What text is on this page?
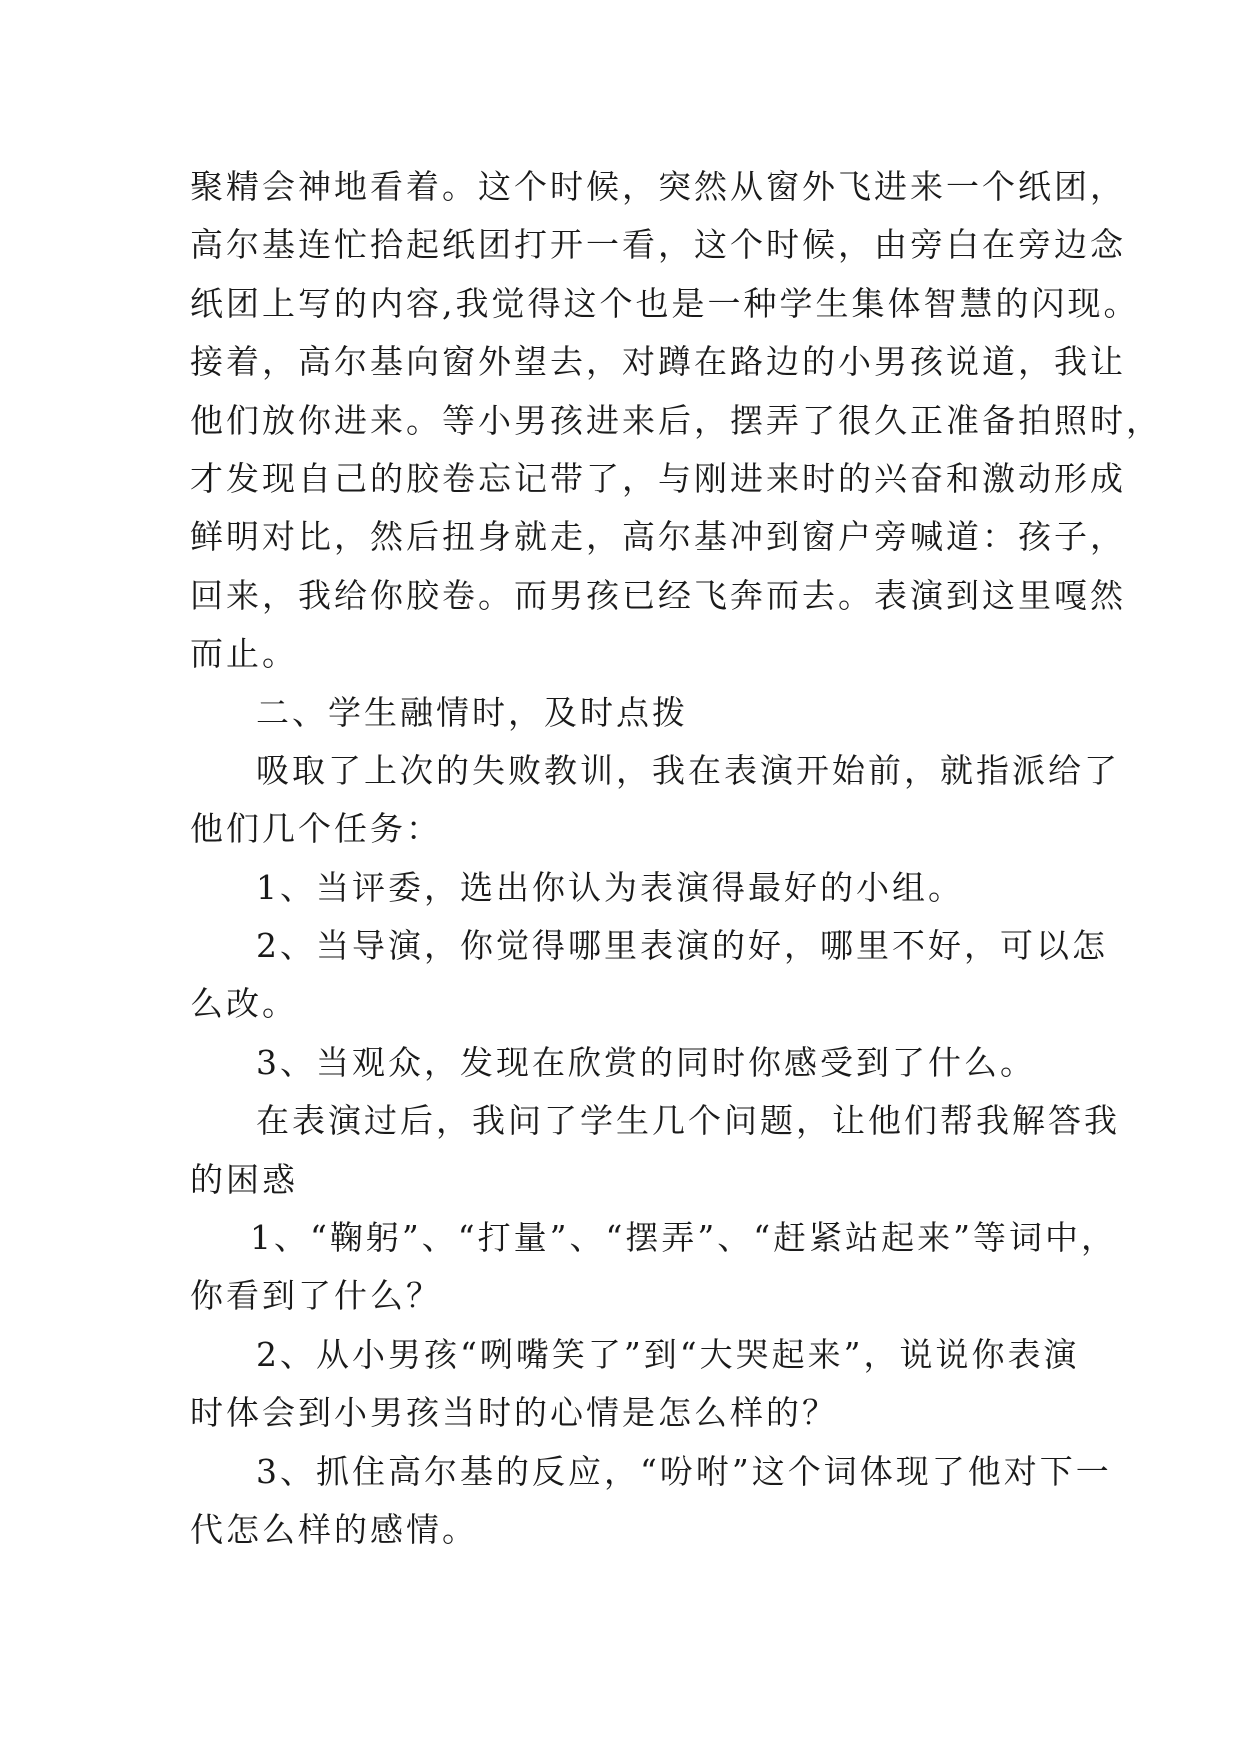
聚精会神地看着。这个时候，突然从窗外飞进来一个纸团，
高尔基连忙拾起纸团打开一看，这个时候，由旁白在旁边念
纸团上写的内容,我觉得这个也是一种学生集体智慧的闪现。
接着，高尔基向窗外望去，对蹲在路边的小男孩说道，我让
他们放你进来。等小男孩进来后，摆弄了很久正准备拍照时，
才发现自己的胶卷忘记带了，与刚进来时的兴奋和激动形成
鲜明对比，然后扭身就走，高尔基冲到窗户旁喊道：孩子，
回来，我给你胶卷。而男孩已经飞奔而去。表演到这里嘎然
而止。
二、学生融情时，及时点拨
吸取了上次的失败教训，我在表演开始前，就指派给了
他们几个任务：
1、当评委，选出你认为表演得最好的小组。
2、当导演，你觉得哪里表演的好，哪里不好，可以怎
么改。
3、当观众，发现在欣赏的同时你感受到了什么。
在表演过后，我问了学生几个问题，让他们帮我解答我
的困惑
1、“鞠躬”、“打量”、“摆弄”、“赶紧站起来”等词中，
你看到了什么？
2、从小男孩“咧嘴笑了”到“大哭起来”，说说你表演
时体会到小男孩当时的心情是怎么样的？
3、抓住高尔基的反应，“吩咐”这个词体现了他对下一
代怎么样的感情。
